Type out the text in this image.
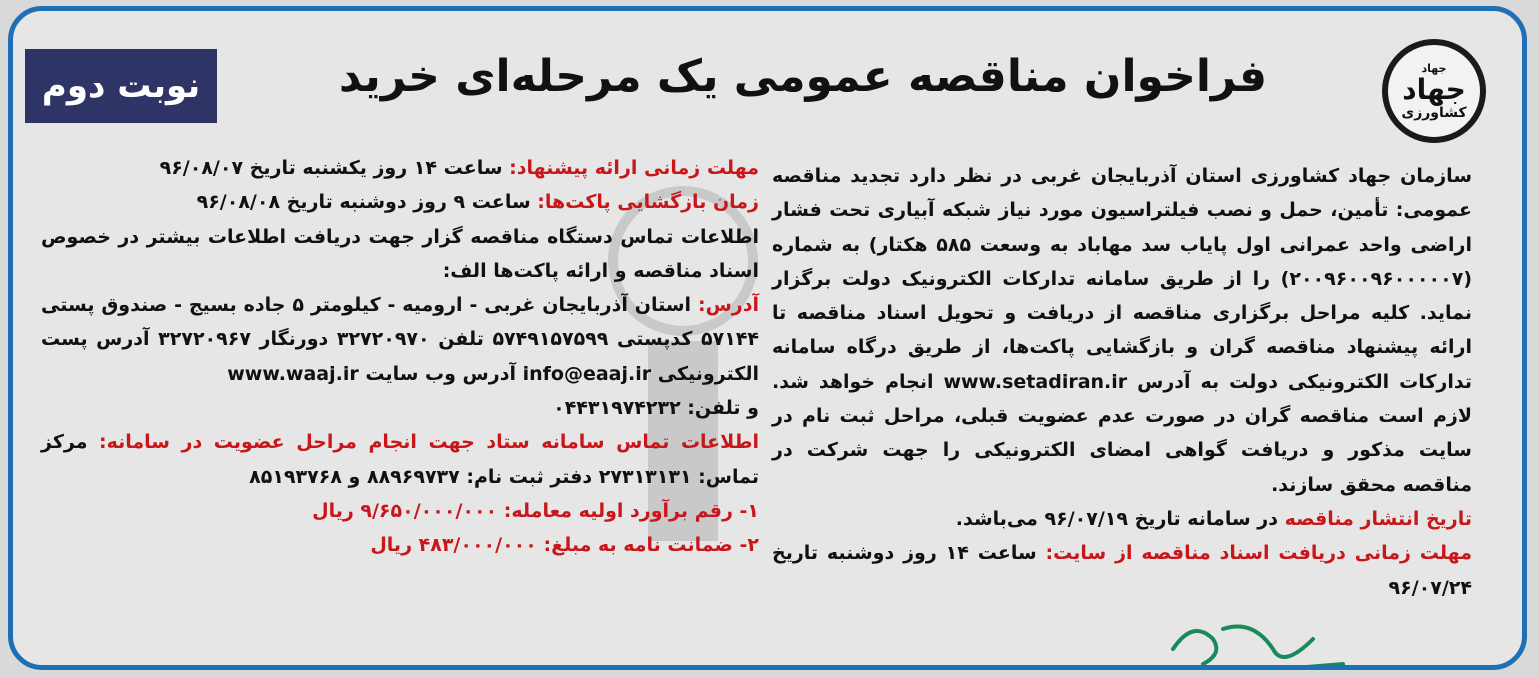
جهاد
جهاد
کشاورزی
فراخوان مناقصه عمومی یک مرحله‌ای خرید
نوبت دوم

سازمان جهاد کشاورزی استان آذربایجان غربی در نظر دارد تجدید مناقصه عمومی: تأمین، حمل و نصب فیلتراسیون مورد نیاز شبکه آبیاری تحت فشار اراضی واحد عمرانی اول پایاب سد مهاباد به وسعت ۵۸۵ هکتار) به شماره (۲۰۰۹۶۰۰۹۶۰۰۰۰۰۷) را از طریق سامانه تدارکات الکترونیک دولت برگزار نماید. کلیه مراحل برگزاری مناقصه از دریافت و تحویل اسناد مناقصه تا ارائه پیشنهاد مناقصه گران و بازگشایی پاکت‌ها، از طریق درگاه سامانه تدارکات الکترونیکی دولت به آدرس www.setadiran.ir انجام خواهد شد. لازم است مناقصه گران در صورت عدم عضویت قبلی، مراحل ثبت نام در سایت مذکور و دریافت گواهی امضای الکترونیکی را جهت شرکت در مناقصه محقق سازند.

تاریخ انتشار مناقصه در سامانه تاریخ ۹۶/۰۷/۱۹ می‌باشد.

مهلت زمانی دریافت اسناد مناقصه از سایت: ساعت ۱۴ روز دوشنبه تاریخ ۹۶/۰۷/۲۴

مهلت زمانی ارائه پیشنهاد: ساعت ۱۴ روز یکشنبه تاریخ ۹۶/۰۸/۰۷

زمان بازگشایی پاکت‌ها: ساعت ۹ روز دوشنبه تاریخ ۹۶/۰۸/۰۸

اطلاعات تماس دستگاه مناقصه گزار جهت دریافت اطلاعات بیشتر در خصوص اسناد مناقصه و ارائه پاکت‌ها الف:

آدرس: استان آذربایجان غربی - ارومیه - کیلومتر ۵ جاده بسیج - صندوق پستی ۵۷۱۴۴ کدپستی ۵۷۴۹۱۵۷۵۹۹ تلفن ۳۲۷۲۰۹۷۰ دورنگار ۳۲۷۲۰۹۶۷ آدرس پست الکترونیکی info@eaaj.ir آدرس وب سایت www.waaj.ir

و تلفن: ۰۴۴۳۱۹۷۴۲۳۲

اطلاعات تماس سامانه ستاد جهت انجام مراحل عضویت در سامانه: مرکز تماس: ۲۷۳۱۳۱۳۱ دفتر ثبت نام: ۸۸۹۶۹۷۳۷ و ۸۵۱۹۳۷۶۸

۱- رقم برآورد اولیه معامله: ۹/۶۵۰/۰۰۰/۰۰۰ ریال

۲- ضمانت نامه به مبلغ: ۴۸۳/۰۰۰/۰۰۰ ریال
